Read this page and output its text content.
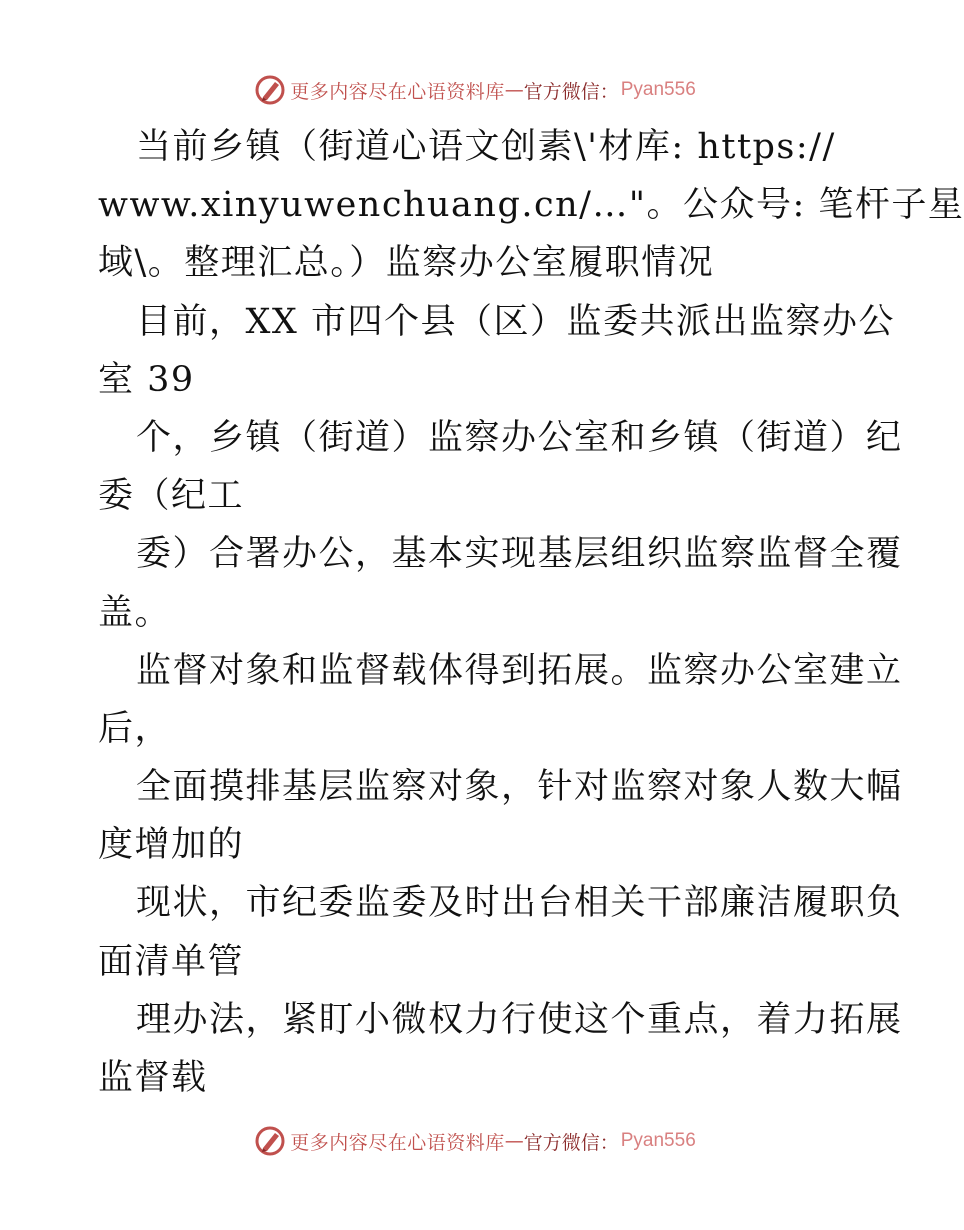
更多内容尽在心语资料库 — 官方微信： Pyan556
当前乡镇（街道心语文创素\'材库: https://
www.xinyuwenchuang.cn/…"。公众号: 笔杆子星
域\。整理汇总。）监察办公室履职情况
目前，XX 市四个县（区）监委共派出监察办公
室 39
个，乡镇（街道）监察办公室和乡镇（街道）纪
委（纪工
委）合署办公，基本实现基层组织监察监督全覆
盖。
监督对象和监督载体得到拓展。监察办公室建立
后，
全面摸排基层监察对象，针对监察对象人数大幅
度增加的
现状，市纪委监委及时出台相关干部廉洁履职负
面清单管
理办法，紧盯小微权力行使这个重点，着力拓展
监督载
更多内容尽在心语资料库 — 官方微信： Pyan556
